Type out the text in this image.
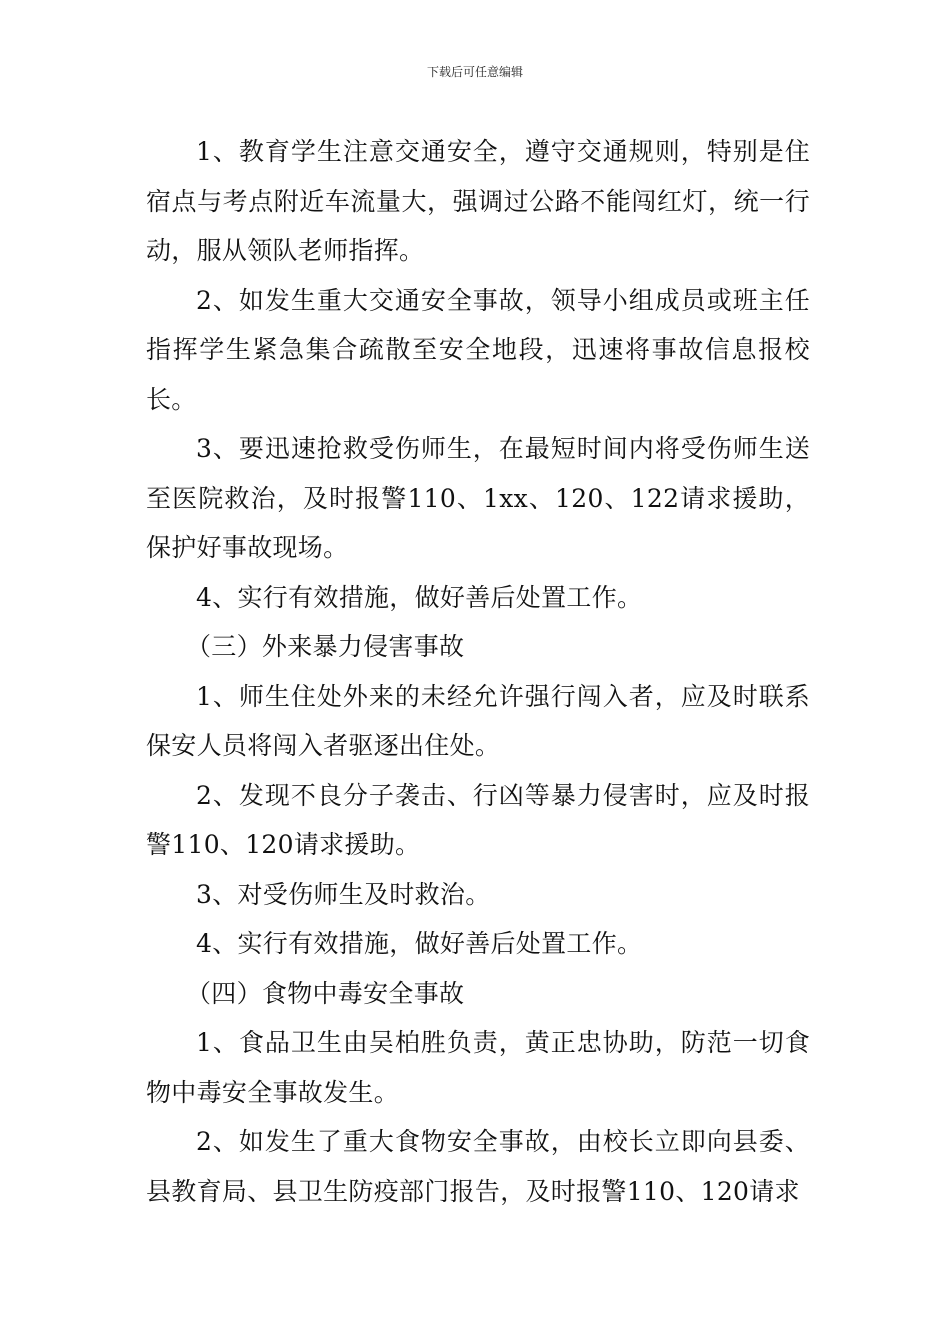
下载后可任意编辑

1、教育学生注意交通安全，遵守交通规则，特别是住宿点与考点附近车流量大，强调过公路不能闯红灯，统一行动，服从领队老师指挥。

2、如发生重大交通安全事故，领导小组成员或班主任指挥学生紧急集合疏散至安全地段，迅速将事故信息报校长。

3、要迅速抢救受伤师生，在最短时间内将受伤师生送至医院救治，及时报警110、1xx、120、122请求援助，保护好事故现场。

4、实行有效措施，做好善后处置工作。

（三）外来暴力侵害事故

1、师生住处外来的未经允许强行闯入者，应及时联系保安人员将闯入者驱逐出住处。

2、发现不良分子袭击、行凶等暴力侵害时，应及时报警110、120请求援助。

3、对受伤师生及时救治。

4、实行有效措施，做好善后处置工作。

（四）食物中毒安全事故

1、食品卫生由吴柏胜负责，黄正忠协助，防范一切食物中毒安全事故发生。

2、如发生了重大食物安全事故，由校长立即向县委、县教育局、县卫生防疫部门报告，及时报警110、120请求
